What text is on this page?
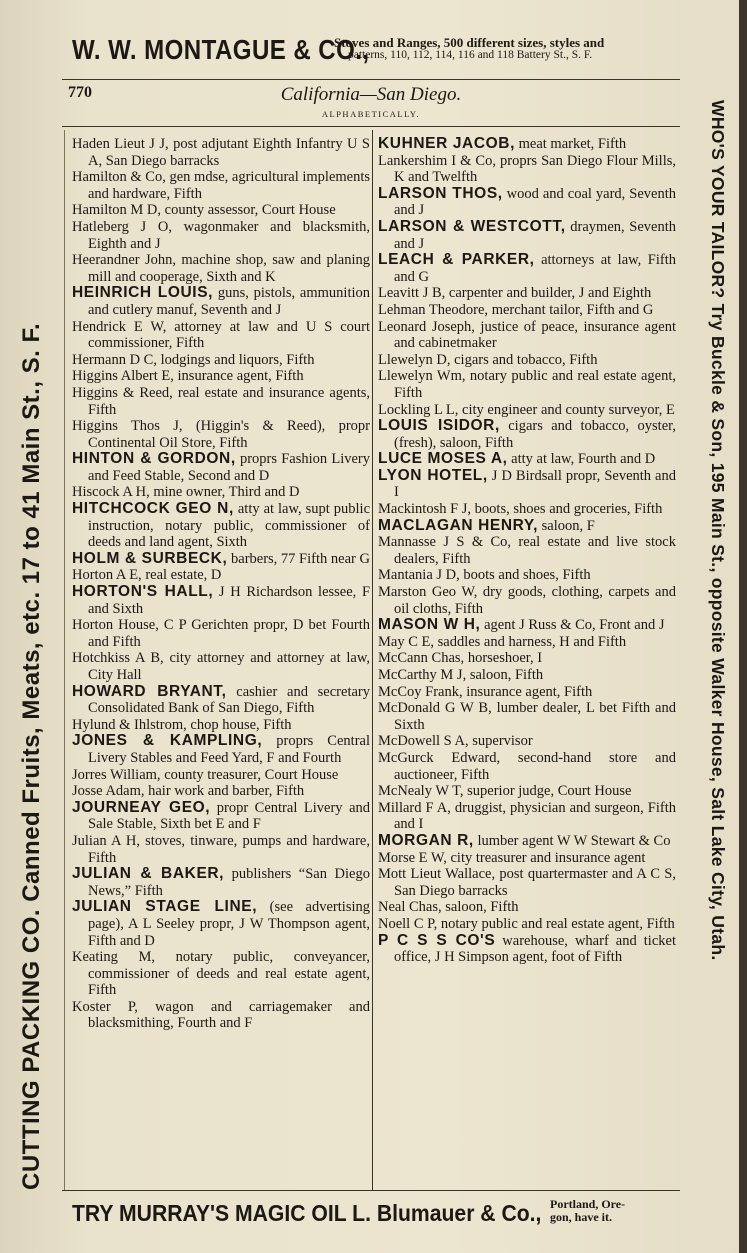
W. W. MONTAGUE & CO.,
Stoves and Ranges, 500 different sizes, styles and
patterns, 110, 112, 114, 116 and 118 Battery St., S. F.
770	California—San Diego.
ALPHABETICALLY.

Haden Lieut J J, post adjutant Eighth Infantry U S A, San Diego barracks

Hamilton & Co, gen mdse, agricultural implements and hardware, Fifth

Hamilton M D, county assessor, Court House

Hatleberg J O, wagonmaker and blacksmith, Eighth and J

Heerandner John, machine shop, saw and planing mill and cooperage, Sixth and K

HEINRICH LOUIS, guns, pistols, ammunition and cutlery manuf, Seventh and J

Hendrick E W, attorney at law and U S court commissioner, Fifth

Hermann D C, lodgings and liquors, Fifth

Higgins Albert E, insurance agent, Fifth

Higgins & Reed, real estate and insurance agents, Fifth

Higgins Thos J, (Higgin's & Reed), propr Continental Oil Store, Fifth

HINTON & GORDON, proprs Fashion Livery and Feed Stable, Second and D

Hiscock A H, mine owner, Third and D

HITCHCOCK GEO N, atty at law, supt public instruction, notary public, commissioner of deeds and land agent, Sixth

HOLM & SURBECK, barbers, 77 Fifth near G

Horton A E, real estate, D

HORTON'S HALL, J H Richardson lessee, F and Sixth

Horton House, C P Gerichten propr, D bet Fourth and Fifth

Hotchkiss A B, city attorney and attorney at law, City Hall

HOWARD BRYANT, cashier and secretary Consolidated Bank of San Diego, Fifth

Hylund & Ihlstrom, chop house, Fifth

JONES & KAMPLING, proprs Central Livery Stables and Feed Yard, F and Fourth

Jorres William, county treasurer, Court House

Josse Adam, hair work and barber, Fifth

JOURNEAY GEO, propr Central Livery and Sale Stable, Sixth bet E and F

Julian A H, stoves, tinware, pumps and hardware, Fifth

JULIAN & BAKER, publishers “San Diego News,” Fifth

JULIAN STAGE LINE, (see advertising page), A L Seeley propr, J W Thompson agent, Fifth and D

Keating M, notary public, conveyancer, commissioner of deeds and real estate agent, Fifth

Koster P, wagon and carriagemaker and blacksmithing, Fourth and F

KUHNER JACOB, meat market, Fifth

Lankershim I & Co, proprs San Diego Flour Mills, K and Twelfth

LARSON THOS, wood and coal yard, Seventh and J

LARSON & WESTCOTT, draymen, Seventh and J

LEACH & PARKER, attorneys at law, Fifth and G

Leavitt J B, carpenter and builder, J and Eighth

Lehman Theodore, merchant tailor, Fifth and G

Leonard Joseph, justice of peace, insurance agent and cabinetmaker

Llewelyn D, cigars and tobacco, Fifth

Llewelyn Wm, notary public and real estate agent, Fifth

Lockling L L, city engineer and county surveyor, E

LOUIS ISIDOR, cigars and tobacco, oyster, (fresh), saloon, Fifth

LUCE MOSES A, atty at law, Fourth and D

LYON HOTEL, J D Birdsall propr, Seventh and I

Mackintosh F J, boots, shoes and groceries, Fifth

MACLAGAN HENRY, saloon, F

Mannasse J S & Co, real estate and live stock dealers, Fifth

Mantania J D, boots and shoes, Fifth

Marston Geo W, dry goods, clothing, carpets and oil cloths, Fifth

MASON W H, agent J Russ & Co, Front and J

May C E, saddles and harness, H and Fifth

McCann Chas, horseshoer, I

McCarthy M J, saloon, Fifth

McCoy Frank, insurance agent, Fifth

McDonald G W B, lumber dealer, L bet Fifth and Sixth

McDowell S A, supervisor

McGurck Edward, second-hand store and auctioneer, Fifth

McNealy W T, superior judge, Court House

Millard F A, druggist, physician and surgeon, Fifth and I

MORGAN R, lumber agent W W Stewart & Co

Morse E W, city treasurer and insurance agent

Mott Lieut Wallace, post quartermaster and A C S, San Diego barracks

Neal Chas, saloon, Fifth

Noell C P, notary public and real estate agent, Fifth

P C S S CO'S warehouse, wharf and ticket office, J H Simpson agent, foot of Fifth

CUTTING PACKING CO. Canned Fruits, Meats, etc. 17 to 41 Main St., S. F.	WHO'S YOUR TAILOR? Try Buckle & Son, 195 Main St., opposite Walker House, Salt Lake City, Utah.
TRY MURRAY'S MAGIC OIL L. Blumauer & Co., Portland, Ore-
gon, have it.
